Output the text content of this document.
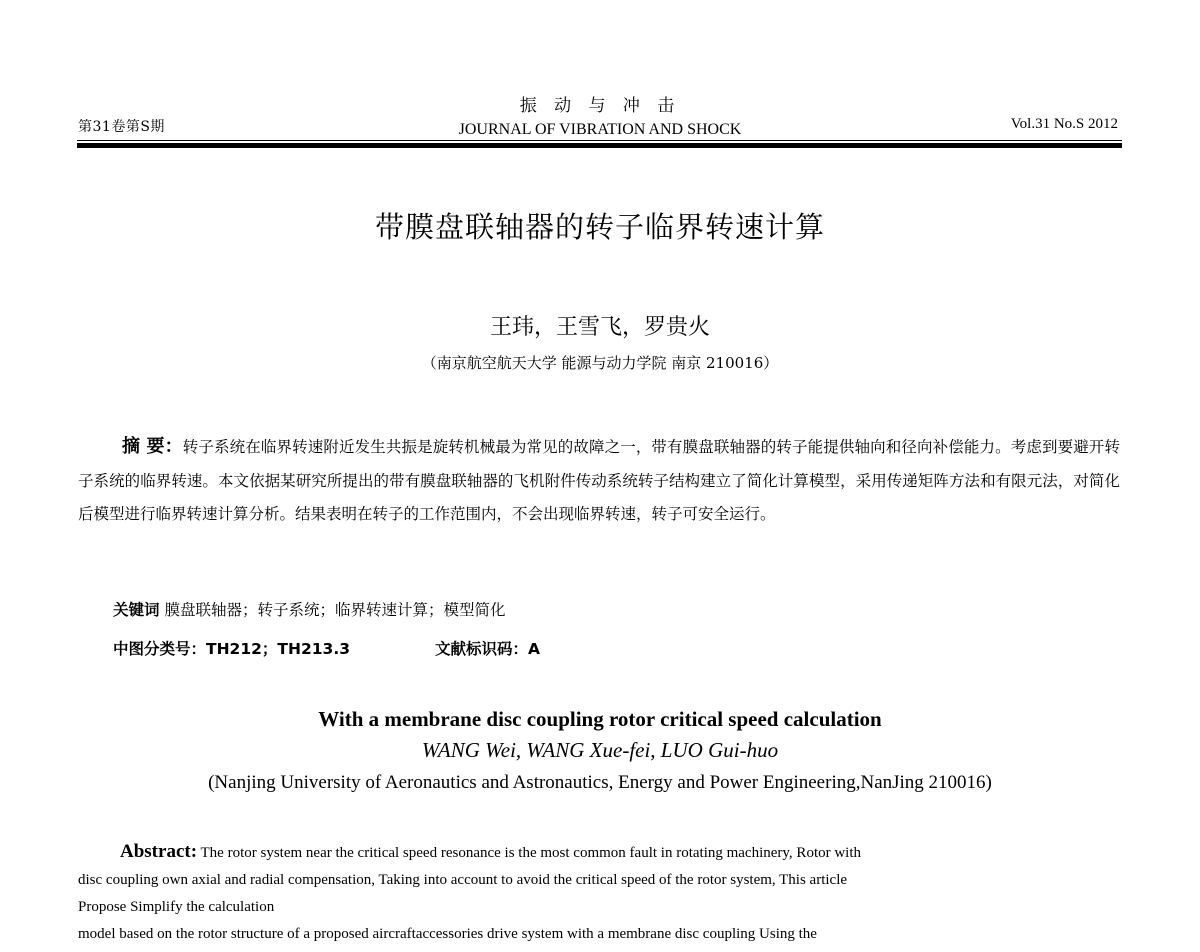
第31卷第S期
振 动 与 冲 击
JOURNAL OF VIBRATION AND SHOCK	Vol.31 No.S 2012
带膜盘联轴器的转子临界转速计算
王玮，王雪飞，罗贵火
（南京航空航天大学 能源与动力学院 南京 210016）
摘 要：转子系统在临界转速附近发生共振是旋转机械最为常见的故障之一，带有膜盘联轴器的转子能提供轴向和径向补偿能力。考虑到要避开转子系统的临界转速。本文依据某研究所提出的带有膜盘联轴器的飞机附件传动系统转子结构建立了简化计算模型，采用传递矩阵方法和有限元法，对简化后模型进行临界转速计算分析。结果表明在转子的工作范围内，不会出现临界转速，转子可安全运行。
关键词 膜盘联轴器；转子系统；临界转速计算；模型简化
中图分类号：TH212；TH213.3	文献标识码：A
With a membrane disc coupling rotor critical speed calculation
WANG Wei, WANG Xue-fei, LUO Gui-huo
(Nanjing University of Aeronautics and Astronautics, Energy and Power Engineering,NanJing 210016)
Abstract: The rotor system near the critical speed resonance is the most common fault in rotating machinery, Rotor with
disc coupling own axial and radial compensation, Taking into account to avoid the critical speed of the rotor system, This article
Propose Simplify the calculation
model based on the rotor structure of a proposed aircraftaccessories drive system with a membrane disc coupling Using the
